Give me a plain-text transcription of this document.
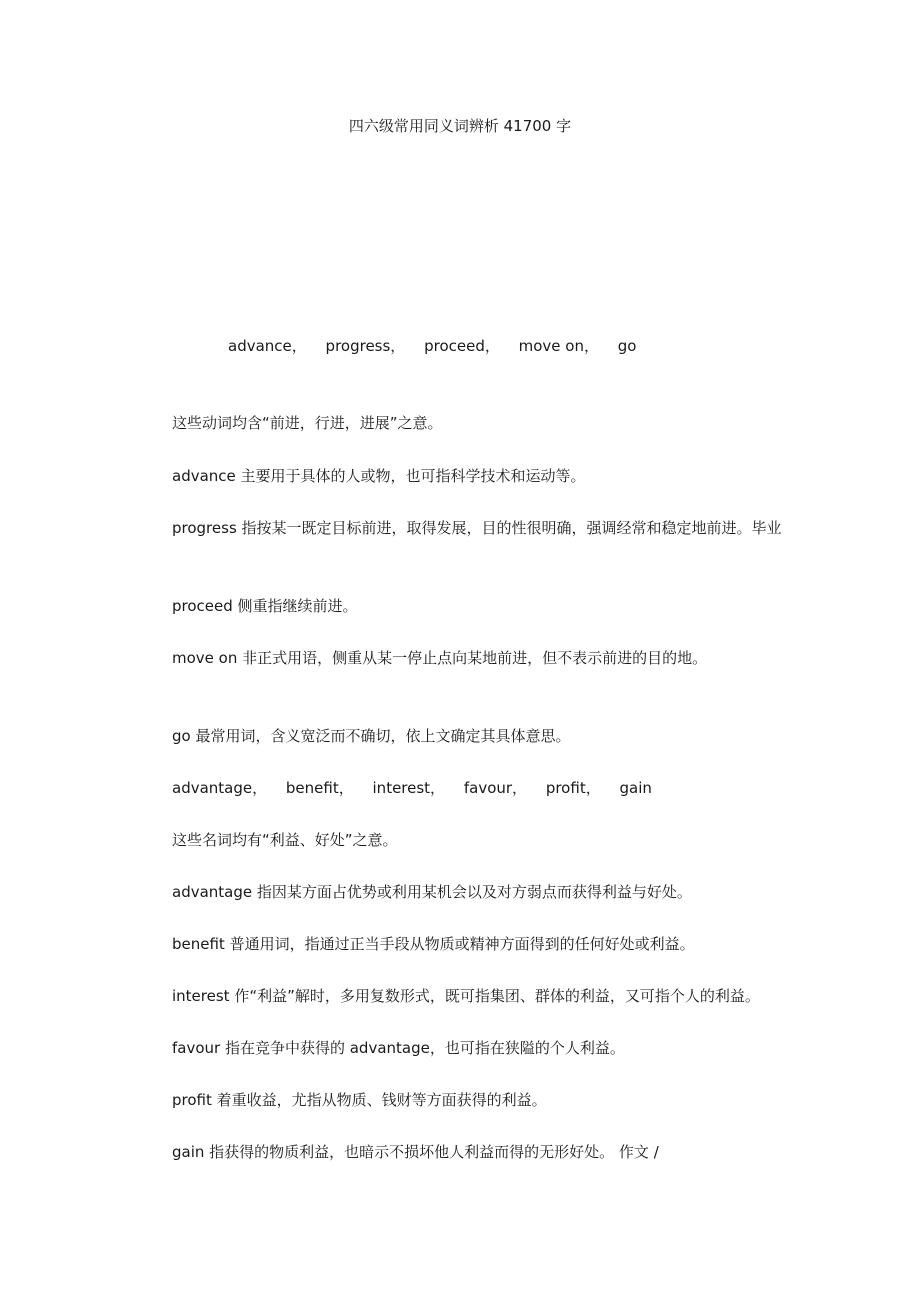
四六级常用同义词辨析 41700 字
advance， progress， proceed， move on， go
这些动词均含“前进，行进，进展”之意。
advance 主要用于具体的人或物，也可指科学技术和运动等。
progress 指按某一既定目标前进，取得发展，目的性很明确，强调经常和稳定地前进。毕业
proceed 侧重指继续前进。
move on 非正式用语，侧重从某一停止点向某地前进，但不表示前进的目的地。
go 最常用词，含义宽泛而不确切，依上文确定其具体意思。
advantage， benefit， interest， favour， profit， gain
这些名词均有“利益、好处”之意。
advantage 指因某方面占优势或利用某机会以及对方弱点而获得利益与好处。
benefit 普通用词，指通过正当手段从物质或精神方面得到的任何好处或利益。
interest 作“利益”解时，多用复数形式，既可指集团、群体的利益，又可指个人的利益。
favour 指在竞争中获得的 advantage，也可指在狭隘的个人利益。
profit 着重收益，尤指从物质、钱财等方面获得的利益。
gain 指获得的物质利益，也暗示不损坏他人利益而得的无形好处。 作文 /
